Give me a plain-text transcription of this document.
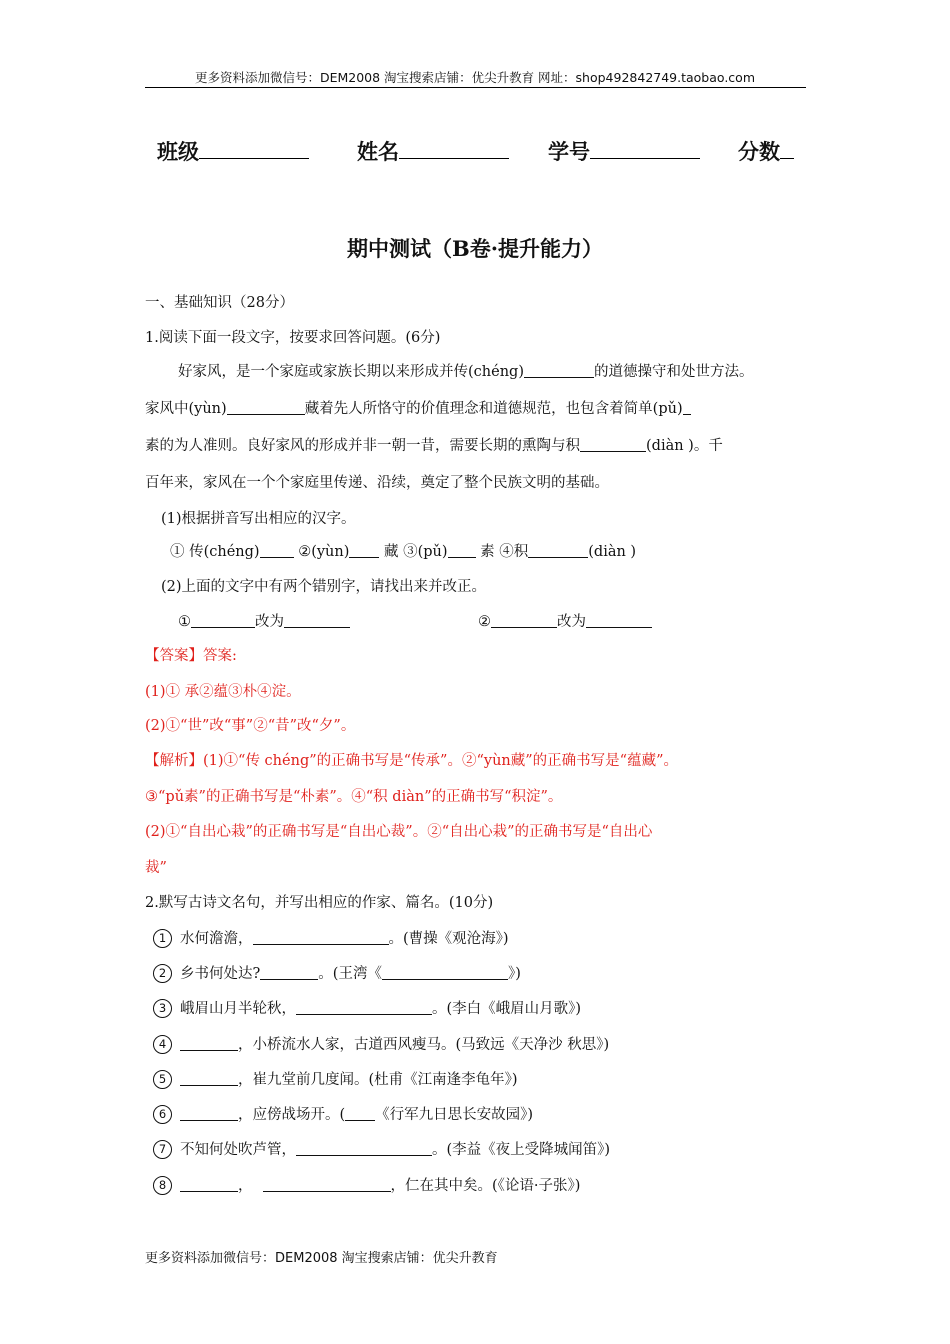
更多资料添加微信号：DEM2008 淘宝搜索店铺：优尖升教育 网址：shop492842749.taobao.com
班级	姓名	学号	分数
期中测试（B卷·提升能力）
一、基础知识（28分）
1.阅读下面一段文字，按要求回答问题。(6分)
好家风，是一个家庭或家族长期以来形成并传(chéng)	的道德操守和处世方法。
家风中(yùn)	藏着先人所恪守的价值理念和道德规范，也包含着简单(pǔ)
素的为人准则。良好家风的形成并非一朝一昔，需要长期的熏陶与积	(diàn )。千
百年来，家风在一个个家庭里传递、沿续，奠定了整个民族文明的基础。
(1)根据拼音写出相应的汉字。
① 传(chéng)	②(yùn) 藏 ③(pǔ) 素 ④积	(diàn )
(2)上面的文字中有两个错别字，请找出来并改正。
①	改为	②	改为
【答案】答案:
(1)① 承②蕴③朴④淀。
(2)①“世”改“事”②“昔”改“夕”。
【解析】(1)①“传 chéng”的正确书写是“传承”。②“yùn藏”的正确书写是“蕴藏”。
③“pǔ素”的正确书写是“朴素”。④“积 diàn”的正确书写“积淀”。
(2)①“自出心栽”的正确书写是“自出心裁”。②“自出心栽”的正确书写是“自出心
裁”
2.默写古诗文名句，并写出相应的作家、篇名。(10分)
1 水何澹澹，	。(曹操《观沧海》)
2 乡书何处达?	。(王湾《	》)
3 峨眉山月半轮秋，	。(李白《峨眉山月歌》)
4	，小桥流水人家，古道西风瘦马。(马致远《天净沙 秋思》)
5	，崔九堂前几度闻。(杜甫《江南逢李龟年》)
6	，应傍战场开。( 《行军九日思长安故园》)
7 不知何处吹芦管，	。(李益《夜上受降城闻笛》)
8	，	，仁在其中矣。(《论语·子张》)
更多资料添加微信号：DEM2008 淘宝搜索店铺：优尖升教育
